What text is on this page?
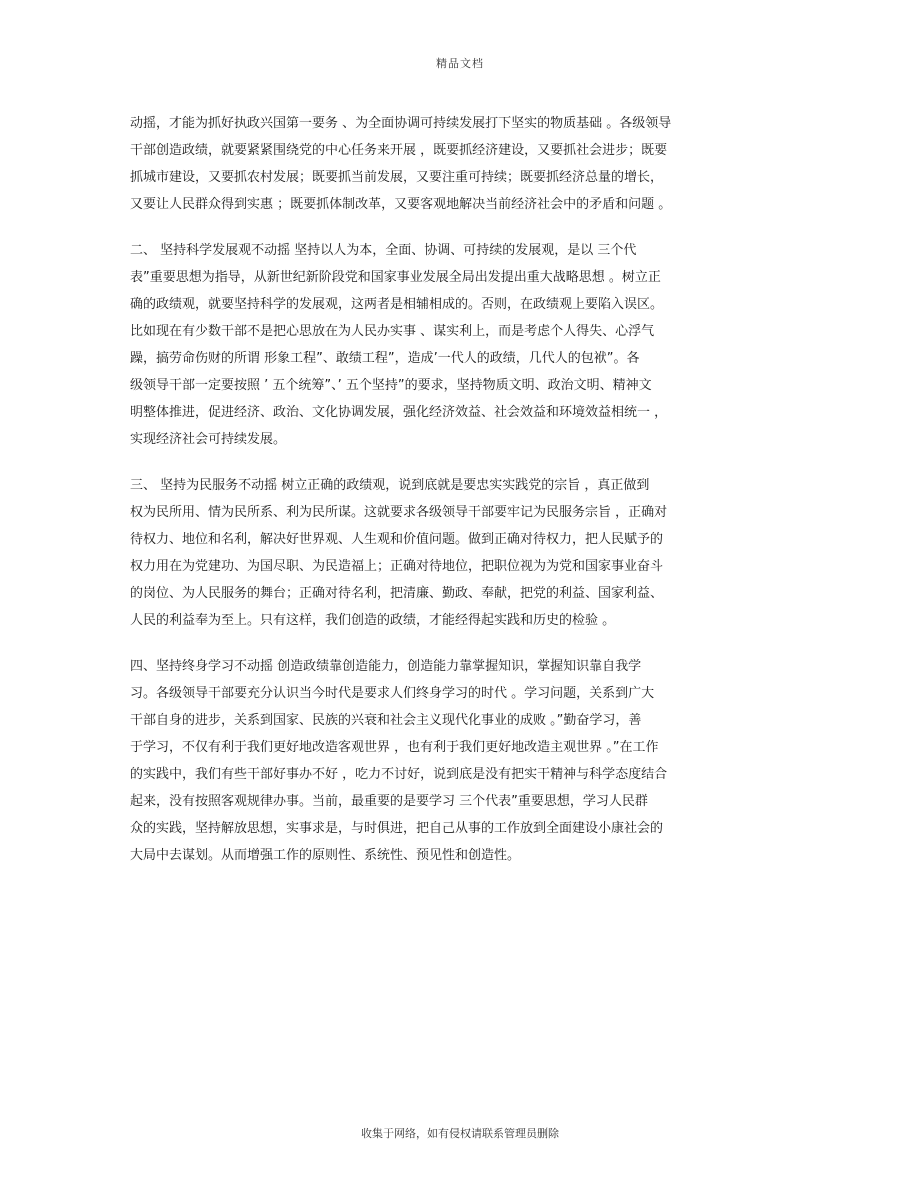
精品文档
动摇，才能为抓好执政兴国第一要务 、为全面协调可持续发展打下坚实的物质基础 。各级领导
干部创造政绩，就要紧紧围绕党的中心任务来开展 ，既要抓经济建设，又要抓社会进步；既要
抓城市建设，又要抓农村发展；既要抓当前发展，又要注重可持续；既要抓经济总量的增长，
又要让人民群众得到实惠 ；既要抓体制改革，又要客观地解决当前经济社会中的矛盾和问题 。
二、 坚持科学发展观不动摇 坚持以人为本，全面、协调、可持续的发展观，是以 三个代
表”重要思想为指导，从新世纪新阶段党和国家事业发展全局出发提出重大战略思想 。树立正
确的政绩观，就要坚持科学的发展观，这两者是相辅相成的。否则，在政绩观上要陷入误区。
比如现在有少数干部不是把心思放在为人民办实事 、谋实利上，而是考虑个人得失、心浮气
躁，搞劳命伤财的所谓 形象工程”、敢绩工程”，造成’一代人的政绩，几代人的包袱”。各
级领导干部一定要按照 ’ 五个统筹”、’ 五个坚持”的要求，坚持物质文明、政治文明、精神文
明整体推进，促进经济、政治、文化协调发展，强化经济效益、社会效益和环境效益相统一 ，
实现经济社会可持续发展。
三、 坚持为民服务不动摇 树立正确的政绩观，说到底就是要忠实实践党的宗旨 ，真正做到
权为民所用、情为民所系、利为民所谋。这就要求各级领导干部要牢记为民服务宗旨 ，正确对
待权力、地位和名利，解决好世界观、人生观和价值问题。做到正确对待权力，把人民赋予的
权力用在为党建功、为国尽职、为民造福上；正确对待地位，把职位视为为党和国家事业奋斗
的岗位、为人民服务的舞台；正确对待名利，把清廉、勤政、奉献，把党的利益、国家利益、
人民的利益奉为至上。只有这样，我们创造的政绩，才能经得起实践和历史的检验 。
四、坚持终身学习不动摇 创造政绩靠创造能力，创造能力靠掌握知识，掌握知识靠自我学
习。各级领导干部要充分认识当今时代是要求人们终身学习的时代 。学习问题，关系到广大
干部自身的进步，关系到国家、民族的兴衰和社会主义现代化事业的成败 。”勤奋学习，善
于学习，不仅有利于我们更好地改造客观世界 ，也有利于我们更好地改造主观世界 。”在工作
的实践中，我们有些干部好事办不好 ，吃力不讨好，说到底是没有把实干精神与科学态度结合
起来，没有按照客观规律办事。当前，最重要的是要学习 三个代表”重要思想，学习人民群
众的实践，坚持解放思想，实事求是，与时俱进，把自己从事的工作放到全面建设小康社会的
大局中去谋划。从而增强工作的原则性、系统性、预见性和创造性。
收集于网络，如有侵权请联系管理员删除
